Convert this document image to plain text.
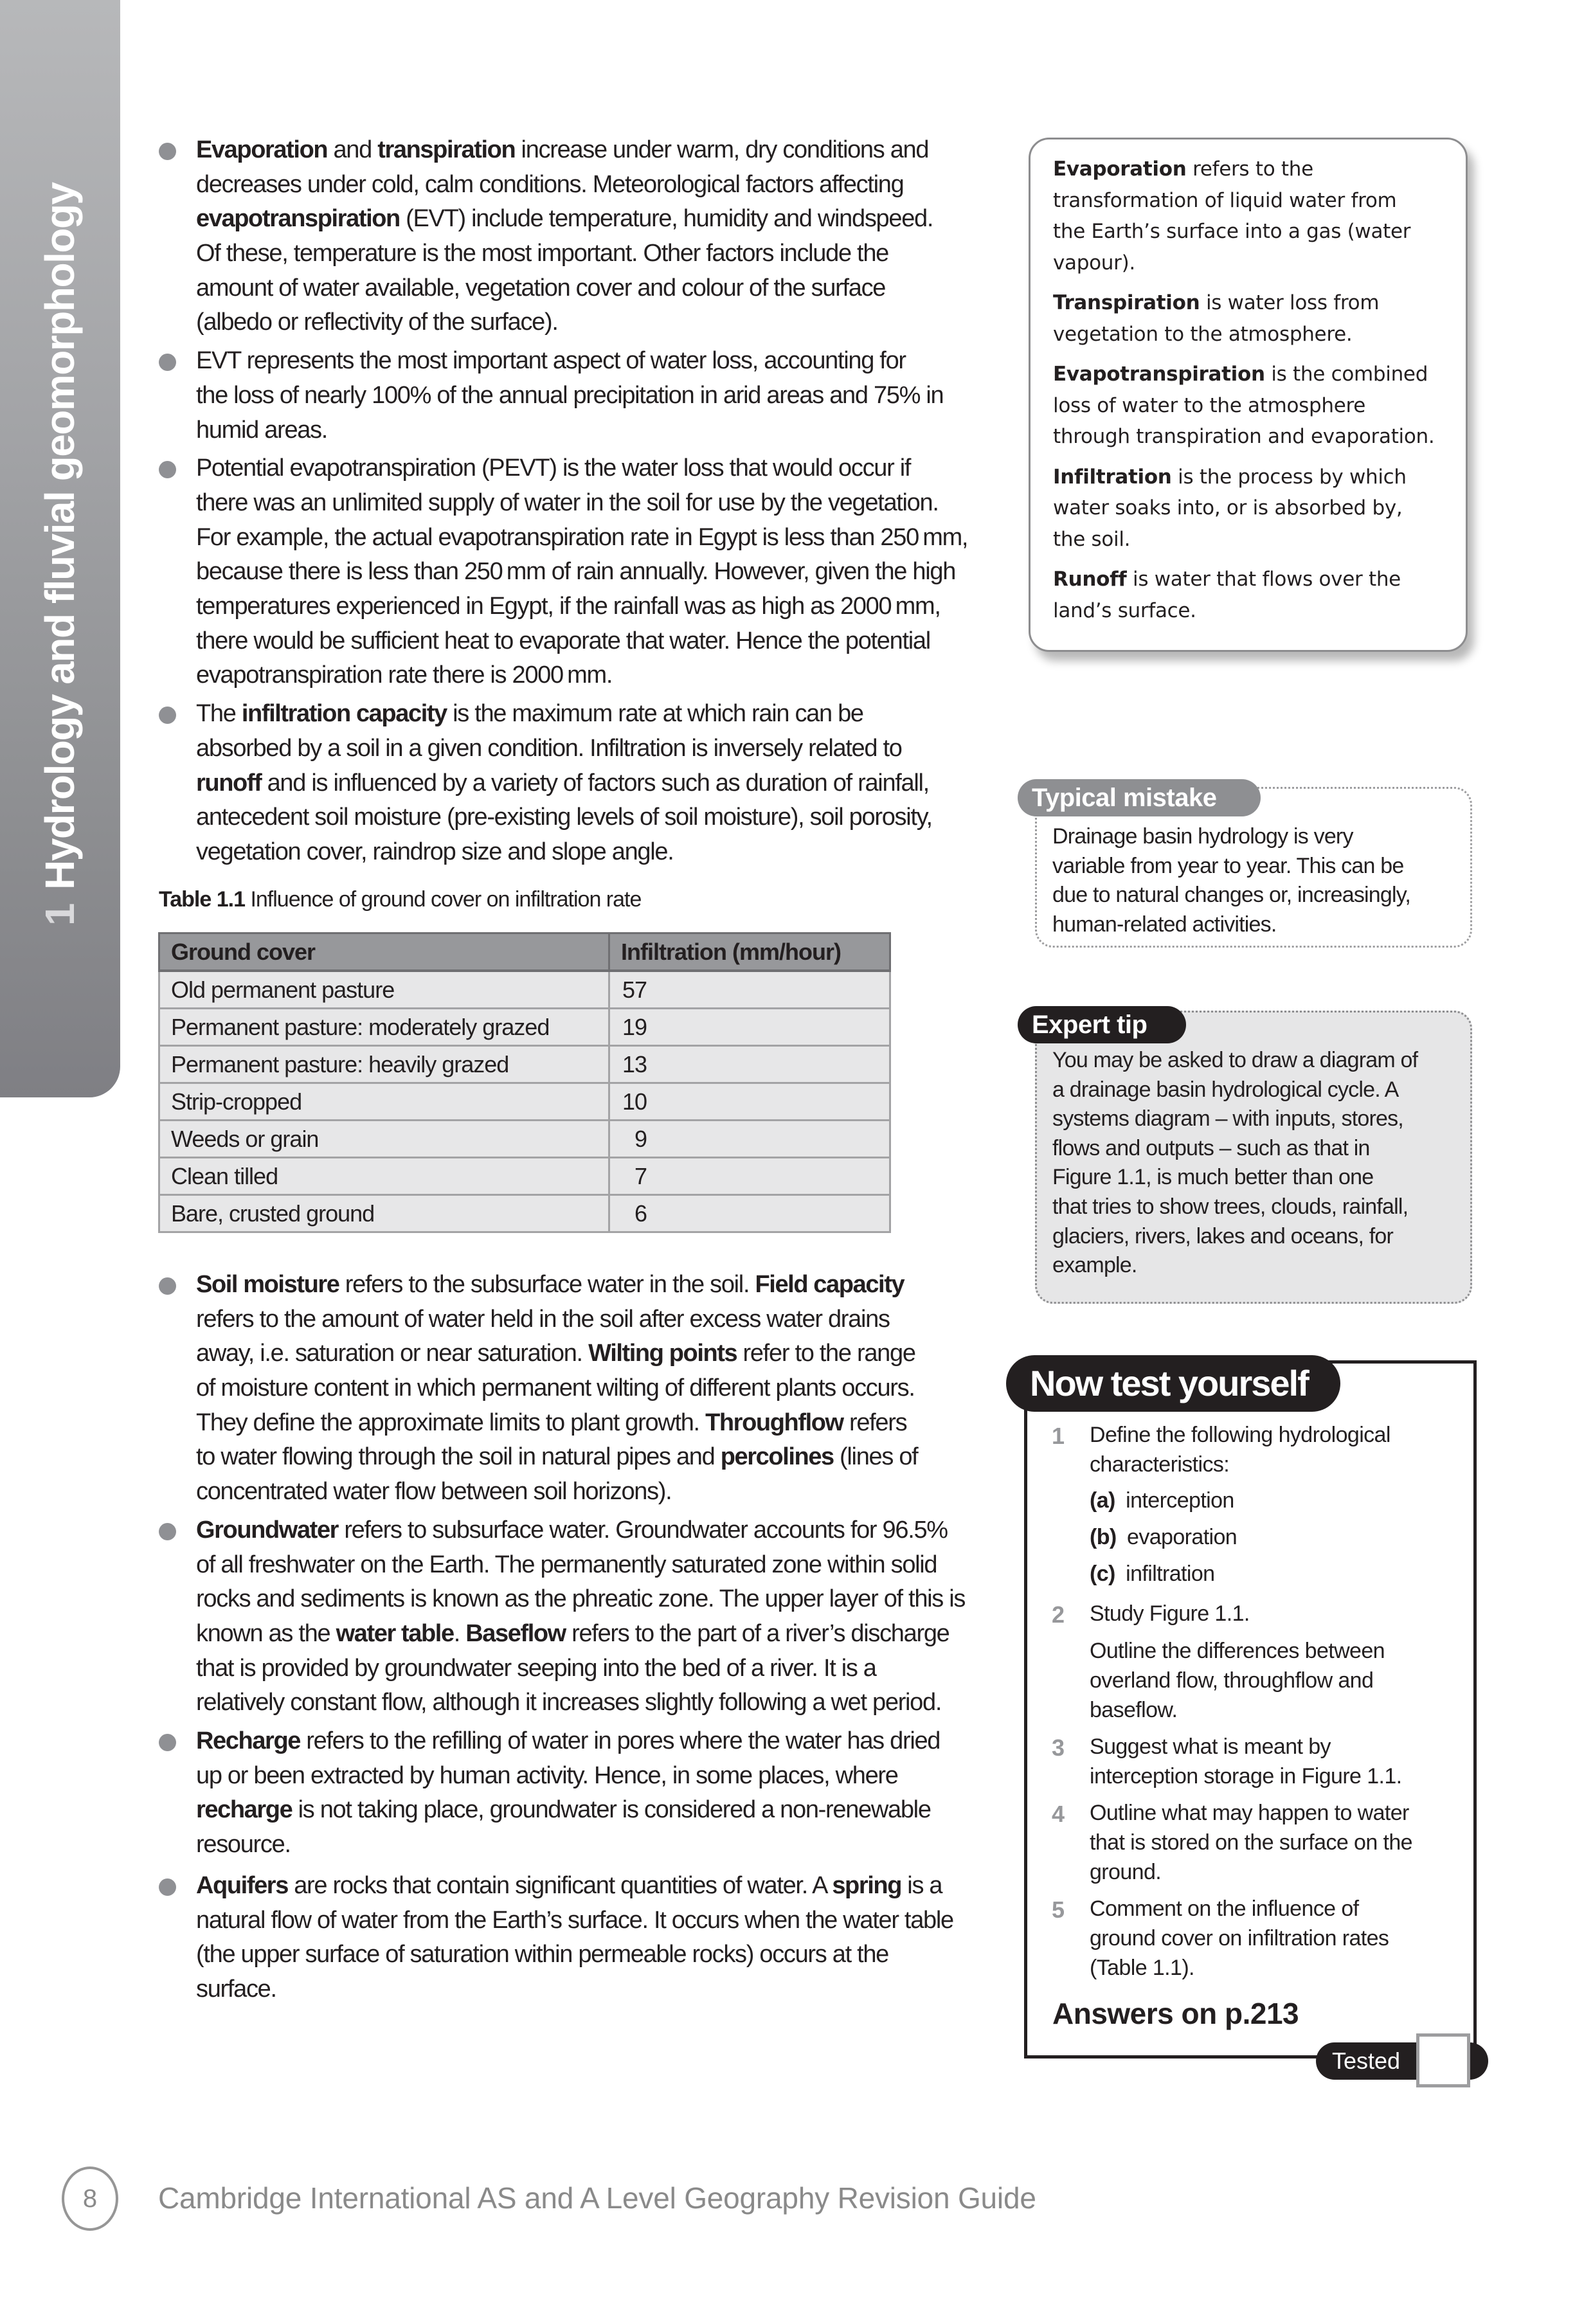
1Hydrology and fluvial geomorphology
Evaporation and transpiration increase under warm, dry conditions and
decreases under cold, calm conditions. Meteorological factors affecting
evapotranspiration (EVT) include temperature, humidity and windspeed.
Of these, temperature is the most important. Other factors include the
amount of water available, vegetation cover and colour of the surface
(albedo or reflectivity of the surface).
EVT represents the most important aspect of water loss, accounting for
the loss of nearly 100% of the annual precipitation in arid areas and 75% in
humid areas.
Potential evapotranspiration (PEVT) is the water loss that would occur if
there was an unlimited supply of water in the soil for use by the vegetation.
For example, the actual evapotranspiration rate in Egypt is less than 250 mm,
because there is less than 250 mm of rain annually. However, given the high
temperatures experienced in Egypt, if the rainfall was as high as 2000 mm,
there would be sufficient heat to evaporate that water. Hence the potential
evapotranspiration rate there is 2000 mm.
The infiltration capacity is the maximum rate at which rain can be
absorbed by a soil in a given condition. Infiltration is inversely related to
runoff and is influenced by a variety of factors such as duration of rainfall,
antecedent soil moisture (pre-existing levels of soil moisture), soil porosity,
vegetation cover, raindrop size and slope angle.
Table 1.1 Influence of ground cover on infiltration rate
Ground cover	Infiltration (mm/hour)
Old permanent pasture	57
Permanent pasture: moderately grazed	19
Permanent pasture: heavily grazed	13
Strip-cropped	10
Weeds or grain	 9
Clean tilled	 7
Bare, crusted ground	 6
Soil moisture refers to the subsurface water in the soil. Field capacity
refers to the amount of water held in the soil after excess water drains
away, i.e. saturation or near saturation. Wilting points refer to the range
of moisture content in which permanent wilting of different plants occurs.
They define the approximate limits to plant growth. Throughflow refers
to water flowing through the soil in natural pipes and percolines (lines of
concentrated water flow between soil horizons).
Groundwater refers to subsurface water. Groundwater accounts for 96.5%
of all freshwater on the Earth. The permanently saturated zone within solid
rocks and sediments is known as the phreatic zone. The upper layer of this is
known as the water table. Baseflow refers to the part of a river’s discharge
that is provided by groundwater seeping into the bed of a river. It is a
relatively constant flow, although it increases slightly following a wet period.
Recharge refers to the refilling of water in pores where the water has dried
up or been extracted by human activity. Hence, in some places, where
recharge is not taking place, groundwater is considered a non-renewable
resource.
Aquifers are rocks that contain significant quantities of water. A spring is a
natural flow of water from the Earth’s surface. It occurs when the water table
(the upper surface of saturation within permeable rocks) occurs at the
surface.
Evaporation refers to the
transformation of liquid water from
the Earth’s surface into a gas (water
vapour).
Transpiration is water loss from
vegetation to the atmosphere.
Evapotranspiration is the combined
loss of water to the atmosphere
through transpiration and evaporation.
Infiltration is the process by which
water soaks into, or is absorbed by,
the soil.
Runoff is water that flows over the
land’s surface.
Drainage basin hydrology is very
variable from year to year. This can be
due to natural changes or, increasingly,
human-related activities.
Typical mistake
You may be asked to draw a diagram of
a drainage basin hydrological cycle. A
systems diagram – with inputs, stores,
flows and outputs – such as that in
Figure 1.1, is much better than one
that tries to show trees, clouds, rainfall,
glaciers, rivers, lakes and oceans, for
example.
Expert tip
Now test yourself
1 Define the following hydrological
characteristics:
(a) interception
(b) evaporation
(c) infiltration
2 Study Figure 1.1.
Outline the differences between
overland flow, throughflow and
baseflow.
3 Suggest what is meant by
interception storage in Figure 1.1.
4 Outline what may happen to water
that is stored on the surface on the
ground.
5 Comment on the influence of
ground cover on infiltration rates
(Table 1.1).
Answers on p.213
Tested
8	Cambridge International AS and A Level Geography Revision Guide
